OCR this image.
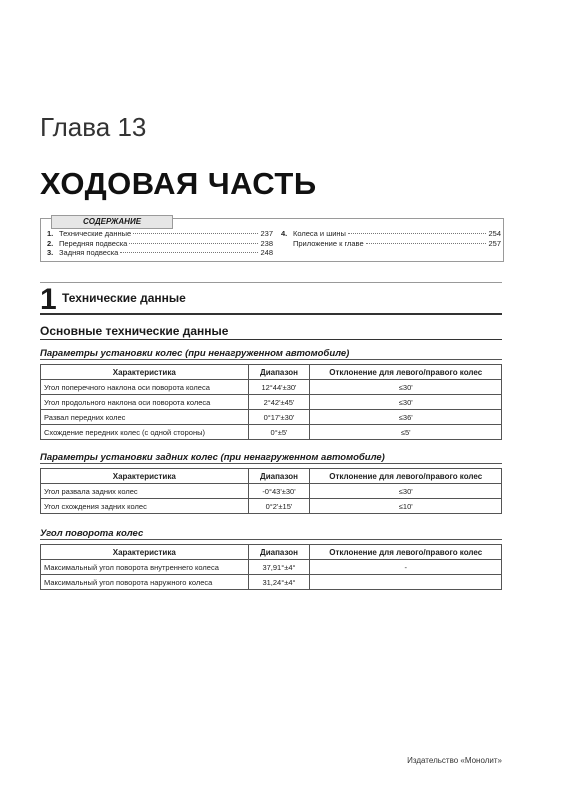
Глава 13
ХОДОВАЯ ЧАСТЬ
СОДЕРЖАНИЕ
1. Технические данные	237
2. Передняя подвеска	238
3. Задняя подвеска	248
4. Колеса и шины	254
Приложение к главе	257
1 Технические данные
Основные технические данные
Параметры установки колес (при ненагруженном автомобиле)
Характеристика	Диапазон	Отклонение для левого/правого колес
Угол поперечного наклона оси поворота колеса	12°44'±30'	≤30'
Угол продольного наклона оси поворота колеса	2°42'±45'	≤30'
Развал передних колес	0°17'±30'	≤36'
Схождение передних колес (с одной стороны)	0°±5'	≤5'
Параметры установки задних колес (при ненагруженном автомобиле)
Характеристика	Диапазон	Отклонение для левого/правого колес
Угол развала задних колес	-0°43'±30'	≤30'
Угол схождения задних колес	0°2'±15'	≤10'
Угол поворота колес
Характеристика	Диапазон	Отклонение для левого/правого колес
Максимальный угол поворота внутреннего колеса	37,91°±4°	-
Максимальный угол поворота наружного колеса	31,24°±4°	
Издательство «Монолит»
